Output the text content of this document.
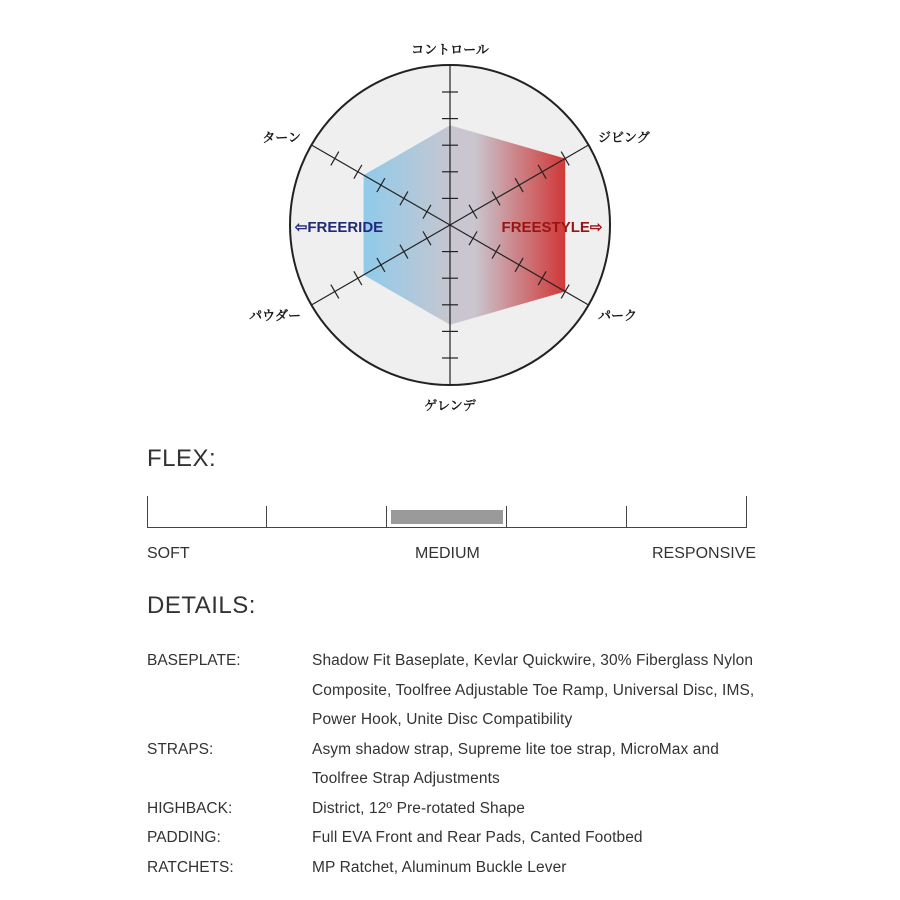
コントロール
ジビング
パーク
ゲレンデ
パウダー
ターン
⇦FREERIDE	FREESTYLE⇨
FLEX:
SOFT	MEDIUM	RESPONSIVE
DETAILS:
BASEPLATE:	Shadow Fit Baseplate, Kevlar Quickwire, 30% Fiberglass Nylon Composite, Toolfree Adjustable Toe Ramp, Universal Disc, IMS, Power Hook, Unite Disc Compatibility
STRAPS:	Asym shadow strap, Supreme lite toe strap, MicroMax and Toolfree Strap Adjustments
HIGHBACK:	District, 12º Pre-rotated Shape
PADDING:	Full EVA Front and Rear Pads, Canted Footbed
RATCHETS:	MP Ratchet, Aluminum Buckle Lever
